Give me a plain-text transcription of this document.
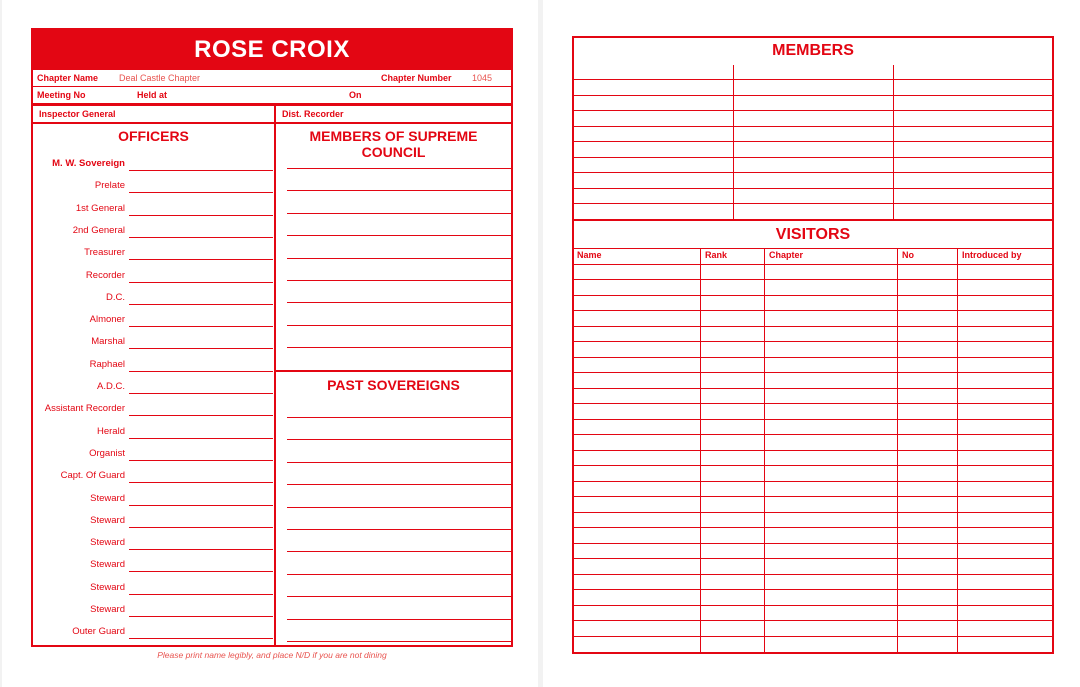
ROSE CROIX
Chapter Name Deal Castle Chapter	Chapter Number 1045
Meeting No	Held at	On
Inspector General	Dist. Recorder
OFFICERS	MEMBERS OF SUPREME COUNCIL
M. W. Sovereign
Prelate
1st General
2nd General
Treasurer
Recorder
D.C.
Almoner
Marshal
Raphael
A.D.C.
Assistant Recorder
Herald
Organist
Capt. Of Guard
Steward
Steward
Steward
Steward
Steward
Steward
Outer Guard
PAST SOVEREIGNS
Please print name legibly, and place N/D if you are not dining
MEMBERS
VISITORS
Name	Rank	Chapter	No	Introduced by
